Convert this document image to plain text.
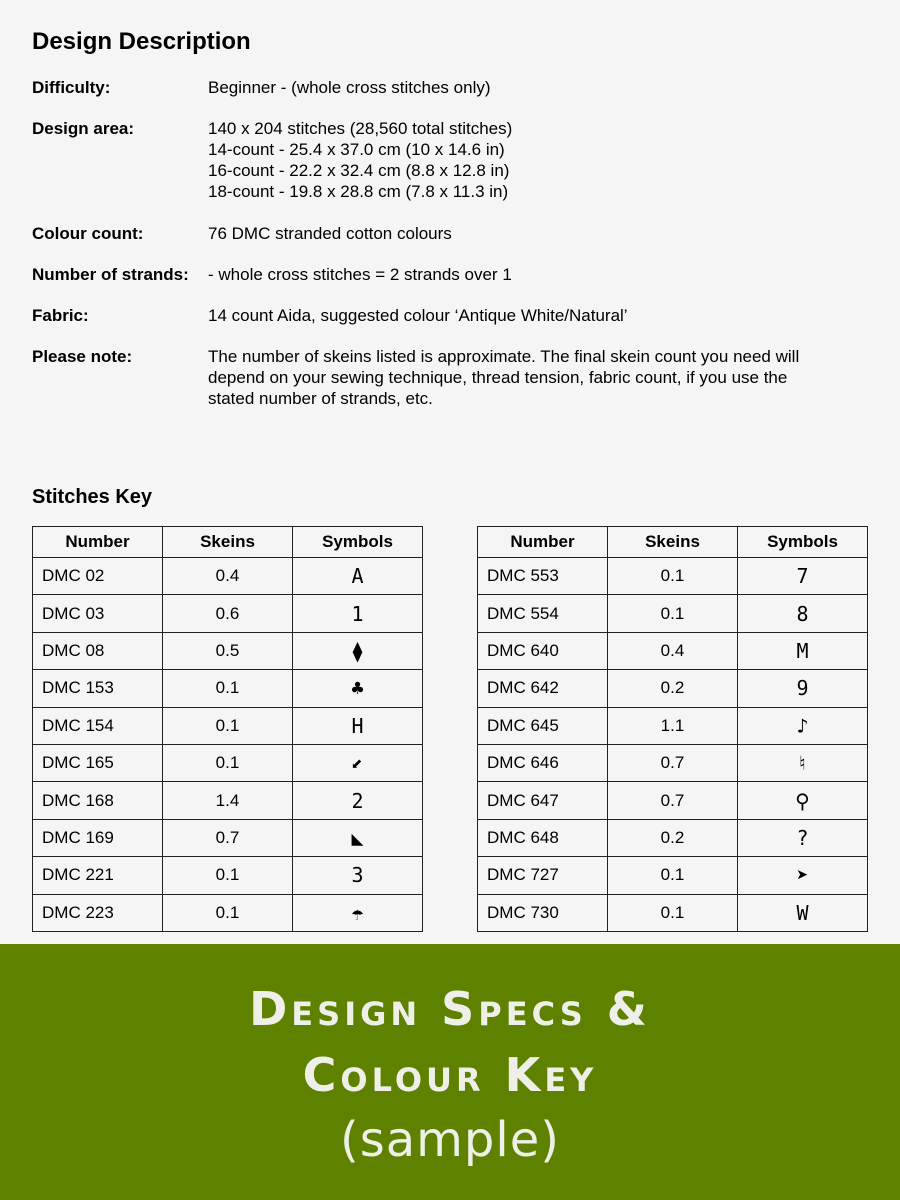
Design Description
Difficulty:	Beginner - (whole cross stitches only)
Design area:	140 x 204 stitches (28,560 total stitches)
14-count - 25.4 x 37.0 cm (10 x 14.6 in)
16-count - 22.2 x 32.4 cm (8.8 x 12.8 in)
18-count - 19.8 x 28.8 cm (7.8 x 11.3 in)
Colour count:	76 DMC stranded cotton colours
Number of strands:	- whole cross stitches = 2 strands over 1
Fabric:	14 count Aida, suggested colour ‘Antique White/Natural’
Please note:	The number of skeins listed is approximate. The final skein count you need will
depend on your sewing technique, thread tension, fabric count, if you use the
stated number of strands, etc.
Stitches Key
Number	Skeins	Symbols
DMC 02	0.4	A
DMC 03	0.6	1
DMC 08	0.5	⧫
DMC 153	0.1	♣
DMC 154	0.1	H
DMC 165	0.1	⬋
DMC 168	1.4	2
DMC 169	0.7	◣
DMC 221	0.1	3
DMC 223	0.1	☂
Number	Skeins	Symbols
DMC 553	0.1	7
DMC 554	0.1	8
DMC 640	0.4	M
DMC 642	0.2	9
DMC 645	1.1	♪
DMC 646	0.7	♮
DMC 647	0.7	⚲
DMC 648	0.2	?
DMC 727	0.1	➤
DMC 730	0.1	W
Design Specs &
Colour Key
(sample)
